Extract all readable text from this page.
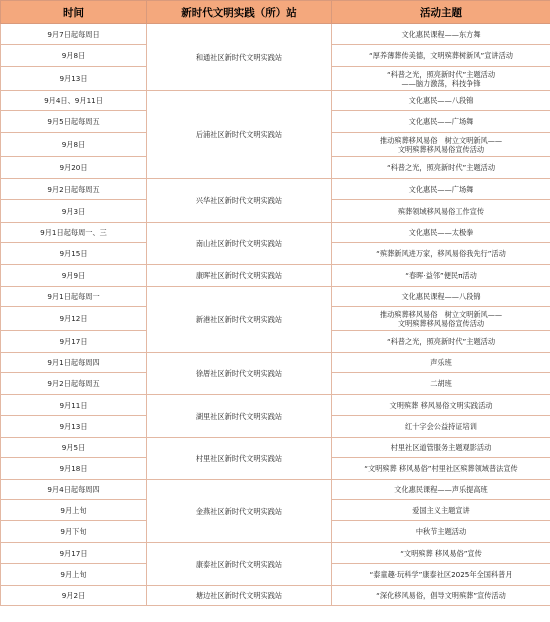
时间	新时代文明实践（所）站	活动主题
9月7日起每周日	和通社区新时代文明实践站	文化惠民课程——东方舞
9月8日		“厚养薄葬传美德，文明殡葬树新风”宣讲活动
9月13日		“科普之光，照亮新时代”主题活动
——脑力激荡，科技争锋
9月4日、9月11日	后浦社区新时代文明实践站	文化惠民——八段锦
9月5日起每周五		文化惠民——广场舞
9月8日		推动殡葬移风易俗　树立文明新风——
文明殡葬移风易俗宣传活动
9月20日		“科普之光，照亮新时代”主题活动
9月2日起每周五	兴华社区新时代文明实践站	文化惠民——广场舞
9月3日		殡葬领域移风易俗工作宣传
9月1日起每周一、三	南山社区新时代文明实践站	文化惠民——太极拳
9月15日		“殡葬新风进万家，移风易俗我先行”活动
9月9日	康晖社区新时代文明实践站	“春晖·益邻”便民π活动
9月1日起每周一	新港社区新时代文明实践站	文化惠民课程——八段锦
9月12日		推动殡葬移风易俗　树立文明新风——
文明殡葬移风易俗宣传活动
9月17日		“科普之光，照亮新时代”主题活动
9月1日起每周四	徐厝社区新时代文明实践站	声乐班
9月2日起每周五		二胡班
9月11日	湖里社区新时代文明实践站	文明殡葬 移风易俗文明实践活动
9月13日		红十字会公益持证培训
9月5日	村里社区新时代文明实践站	村里社区道管服务主题观影活动
9月18日		“文明殡葬 移风易俗”村里社区殡葬领域普法宣传
9月4日起每周四	金燕社区新时代文明实践站	文化惠民课程——声乐提高班
9月上旬		爱国主义主题宣讲
9月下旬		中秋节主题活动
9月17日	康泰社区新时代文明实践站	“文明殡葬 移风易俗”宣传
9月上旬		“泰童趣·玩科学”康泰社区2025年全国科普月
9月2日	塘边社区新时代文明实践站	“深化移风易俗，倡导文明殡葬”宣传活动
